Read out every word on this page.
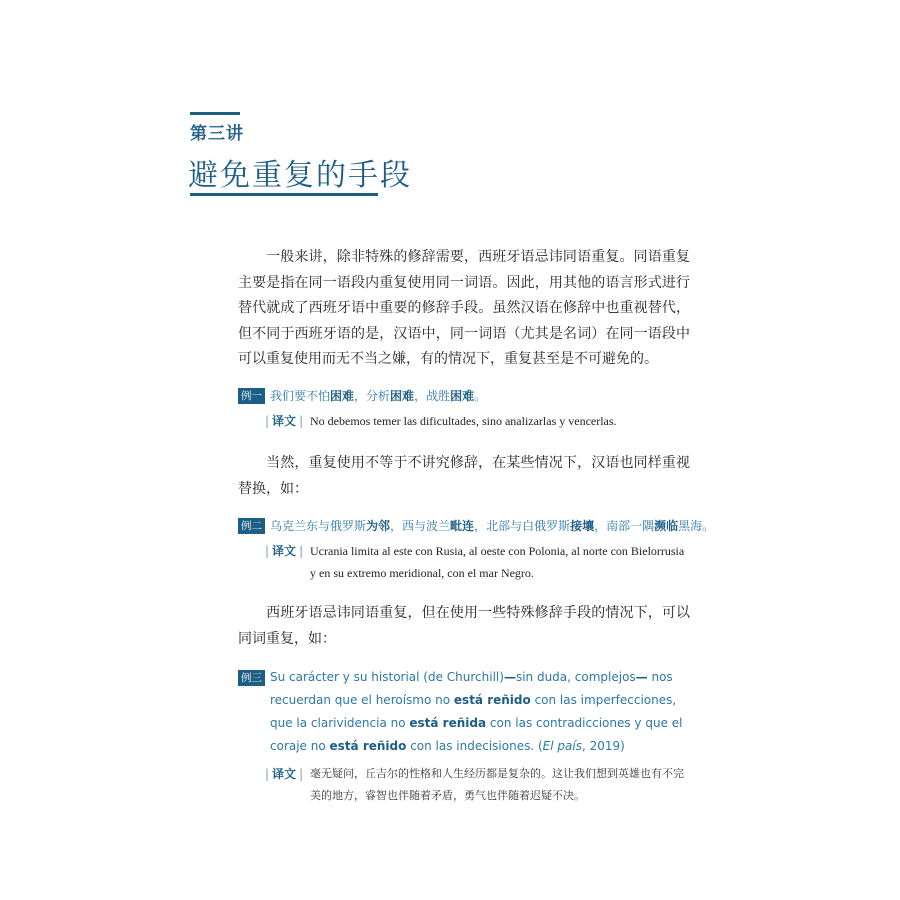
第三讲
避免重复的手段
一般来讲，除非特殊的修辞需要，西班牙语忌讳同语重复。同语重复主要是指在同一语段内重复使用同一词语。因此，用其他的语言形式进行替代就成了西班牙语中重要的修辞手段。虽然汉语在修辞中也重视替代，但不同于西班牙语的是，汉语中，同一词语（尤其是名词）在同一语段中可以重复使用而无不当之嫌，有的情况下，重复甚至是不可避免的。
例一 我们要不怕困难，分析困难，战胜困难。
| 译文 | No debemos temer las dificultades, sino analizarlas y vencerlas.
当然，重复使用不等于不讲究修辞，在某些情况下，汉语也同样重视替换，如：
例二 乌克兰东与俄罗斯为邻，西与波兰毗连，北部与白俄罗斯接壤，南部一隅濒临黑海。
| 译文 | Ucrania limita al este con Rusia, al oeste con Polonia, al norte con Bielorrusia y en su extremo meridional, con el mar Negro.
西班牙语忌讳同语重复，但在使用一些特殊修辞手段的情况下，可以同词重复，如：
例三 Su carácter y su historial (de Churchill)—sin duda, complejos— nos recuerdan que el heroísmo no está reñido con las imperfecciones, que la clarividencia no está reñida con las contradicciones y que el coraje no está reñido con las indecisiones. (El país, 2019)
| 译文 | 毫无疑问，丘吉尔的性格和人生经历都是复杂的。这让我们想到英雄也有不完美的地方，睿智也伴随着矛盾，勇气也伴随着迟疑不决。
